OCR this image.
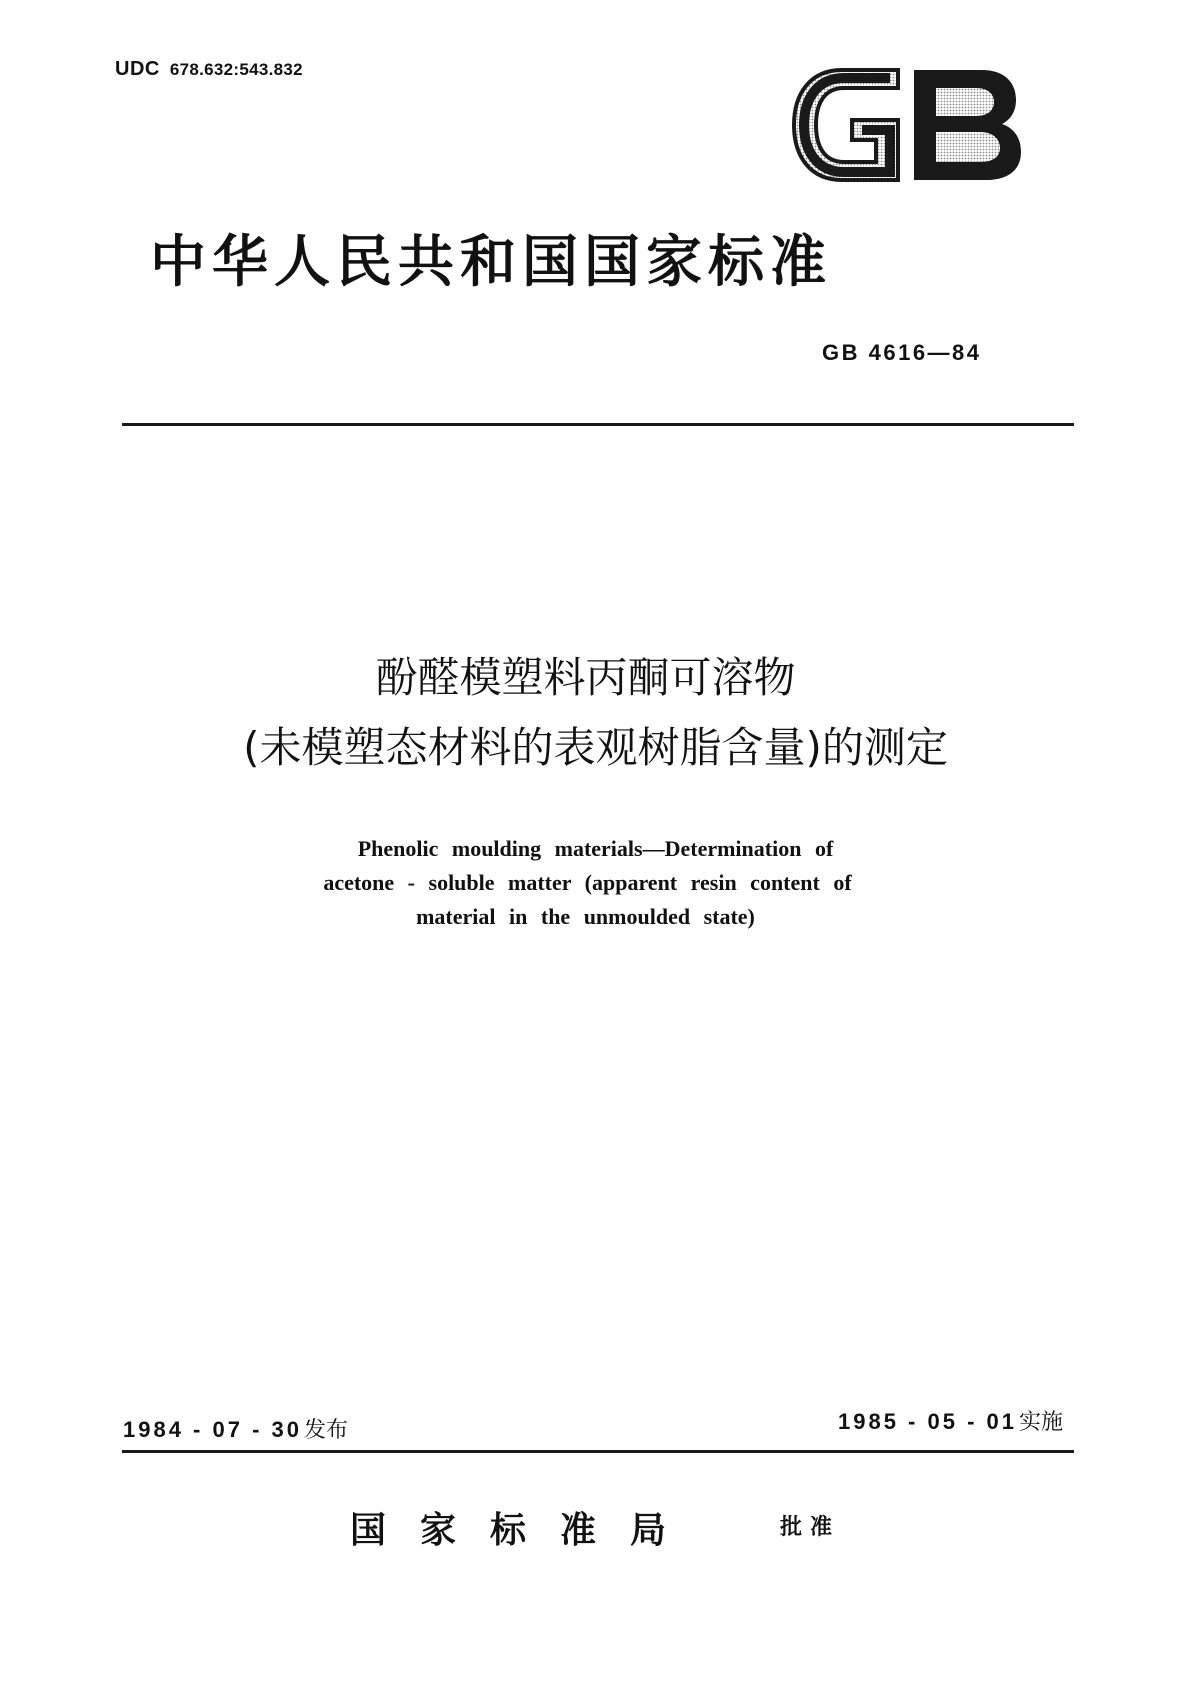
UDC 678.632:543.832
中华人民共和国国家标准
GB 4616—84
酚醛模塑料丙酮可溶物
(未模塑态材料的表观树脂含量)的测定
Phenolic moulding materials—Determination of
acetone - soluble matter (apparent resin content of
material in the unmoulded state)
1984 - 07 - 30发布	1985 - 05 - 01实施
国家标准局	批准
